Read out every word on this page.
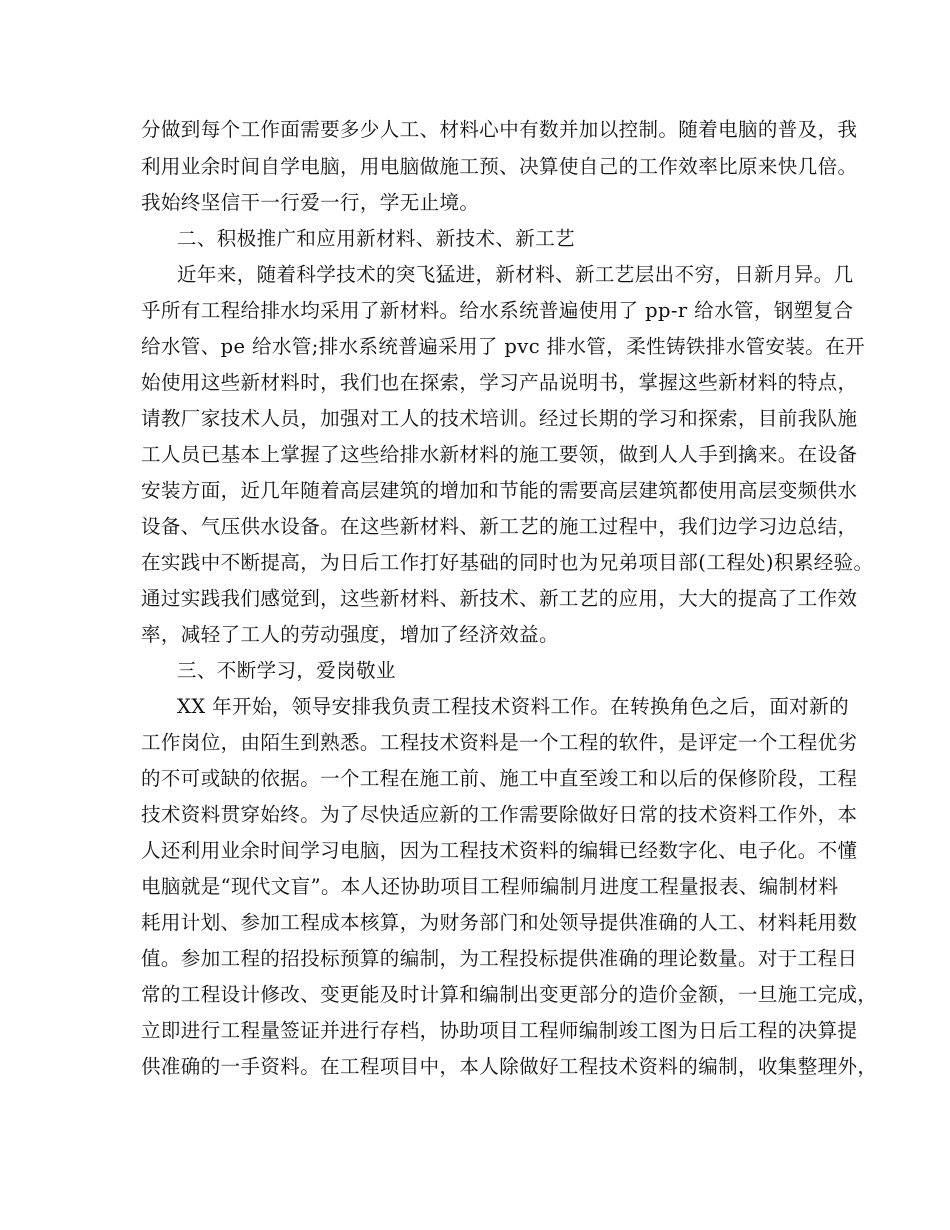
分做到每个工作面需要多少人工、材料心中有数并加以控制。随着电脑的普及，我
利用业余时间自学电脑，用电脑做施工预、决算使自己的工作效率比原来快几倍。
我始终坚信干一行爱一行，学无止境。
二、积极推广和应用新材料、新技术、新工艺
近年来，随着科学技术的突飞猛进，新材料、新工艺层出不穷，日新月异。几
乎所有工程给排水均采用了新材料。给水系统普遍使用了 pp-r 给水管，钢塑复合
给水管、pe 给水管;排水系统普遍采用了 pvc 排水管，柔性铸铁排水管安装。在开
始使用这些新材料时，我们也在探索，学习产品说明书，掌握这些新材料的特点，
请教厂家技术人员，加强对工人的技术培训。经过长期的学习和探索，目前我队施
工人员已基本上掌握了这些给排水新材料的施工要领，做到人人手到擒来。在设备
安装方面，近几年随着高层建筑的增加和节能的需要高层建筑都使用高层变频供水
设备、气压供水设备。在这些新材料、新工艺的施工过程中，我们边学习边总结，
在实践中不断提高，为日后工作打好基础的同时也为兄弟项目部(工程处)积累经验。
通过实践我们感觉到，这些新材料、新技术、新工艺的应用，大大的提高了工作效
率，减轻了工人的劳动强度，增加了经济效益。
三、不断学习，爱岗敬业
XX 年开始，领导安排我负责工程技术资料工作。在转换角色之后，面对新的
工作岗位，由陌生到熟悉。工程技术资料是一个工程的软件，是评定一个工程优劣
的不可或缺的依据。一个工程在施工前、施工中直至竣工和以后的保修阶段，工程
技术资料贯穿始终。为了尽快适应新的工作需要除做好日常的技术资料工作外，本
人还利用业余时间学习电脑，因为工程技术资料的编辑已经数字化、电子化。不懂
电脑就是“现代文盲”。本人还协助项目工程师编制月进度工程量报表、编制材料
耗用计划、参加工程成本核算，为财务部门和处领导提供准确的人工、材料耗用数
值。参加工程的招投标预算的编制，为工程投标提供准确的理论数量。对于工程日
常的工程设计修改、变更能及时计算和编制出变更部分的造价金额，一旦施工完成，
立即进行工程量签证并进行存档，协助项目工程师编制竣工图为日后工程的决算提
供准确的一手资料。在工程项目中，本人除做好工程技术资料的编制，收集整理外，
